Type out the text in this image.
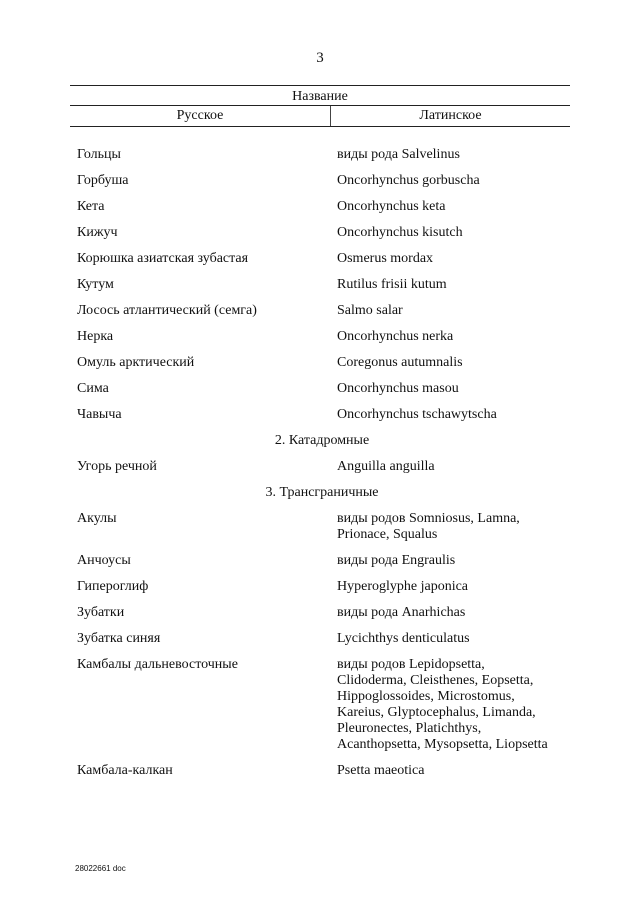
3
Название
Русское	Латинское
Гольцы	виды рода Salvelinus
Горбуша	Oncorhynchus gorbuscha
Кета	Oncorhynchus keta
Кижуч	Oncorhynchus kisutch
Корюшка азиатская зубастая	Osmerus mordax
Кутум	Rutilus frisii kutum
Лосось атлантический (семга)	Salmo salar
Нерка	Oncorhynchus nerka
Омуль арктический	Coregonus autumnalis
Сима	Oncorhynchus masou
Чавыча	Oncorhynchus tschawytscha
2. Катадромные
Угорь речной	Anguilla anguilla
3. Трансграничные
Акулы	виды родов Somniosus, Lamna, Prionace, Squalus
Анчоусы	виды рода Engraulis
Гипероглиф	Hyperoglyphe japonica
Зубатки	виды рода Anarhichas
Зубатка синяя	Lycichthys denticulatus
Камбалы дальневосточные	виды родов Lepidopsetta, Clidoderma, Cleisthenes, Eopsetta, Hippoglossoides, Microstomus, Kareius, Glyptocephalus, Limanda, Pleuronectes, Platichthys, Acanthopsetta, Mysopsetta, Liopsetta
Камбала-калкан	Psetta maeotica
28022661 doc
